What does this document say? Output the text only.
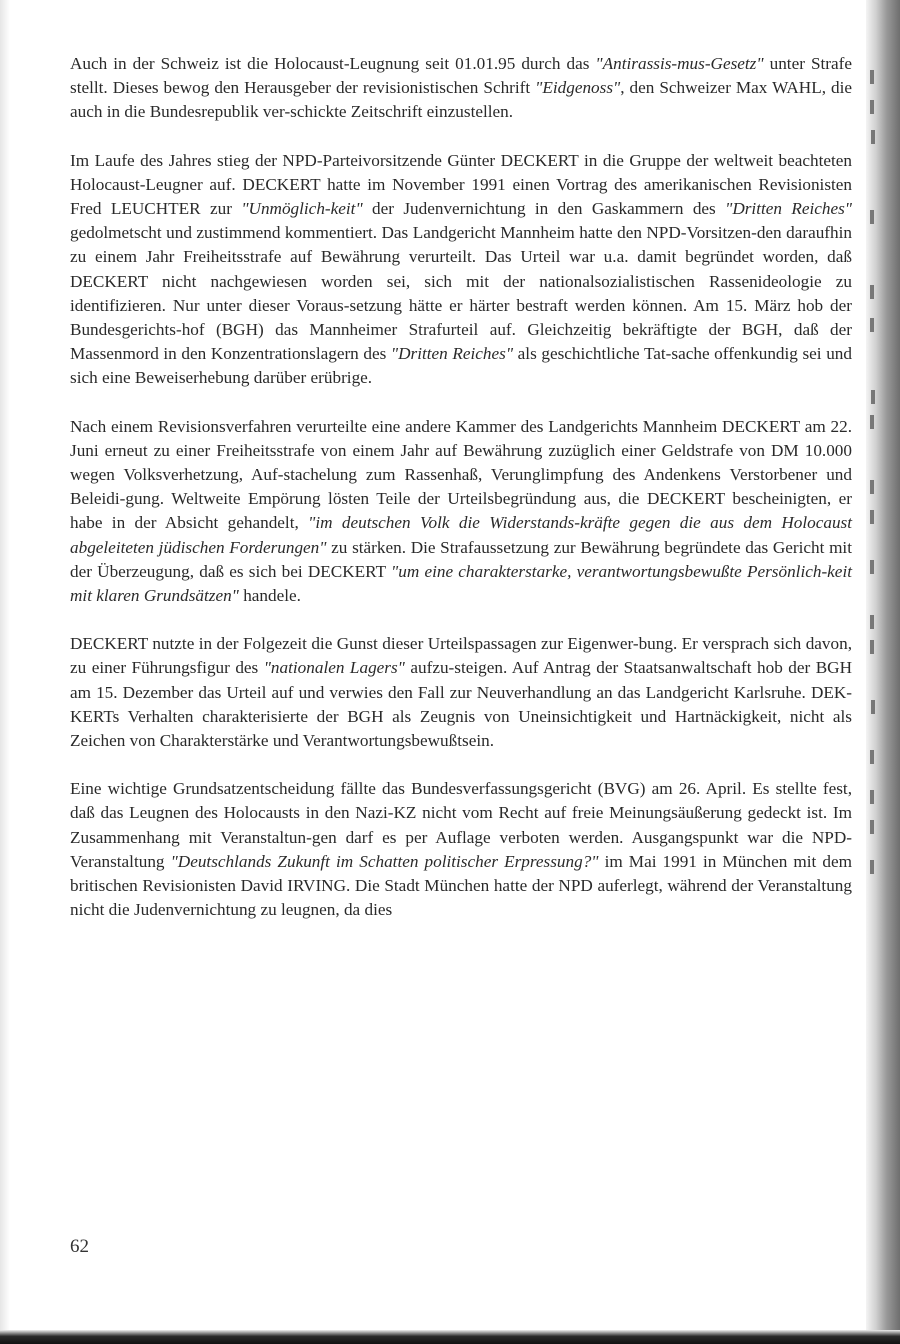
Auch in der Schweiz ist die Holocaust-Leugnung seit 01.01.95 durch das "Antirassis-mus-Gesetz" unter Strafe stellt. Dieses bewog den Herausgeber der revisionistischen Schrift "Eidgenoss", den Schweizer Max WAHL, die auch in die Bundesrepublik ver-schickte Zeitschrift einzustellen.

Im Laufe des Jahres stieg der NPD-Parteivorsitzende Günter DECKERT in die Gruppe der weltweit beachteten Holocaust-Leugner auf. DECKERT hatte im November 1991 einen Vortrag des amerikanischen Revisionisten Fred LEUCHTER zur "Unmöglich-keit" der Judenvernichtung in den Gaskammern des "Dritten Reiches" gedolmetscht und zustimmend kommentiert. Das Landgericht Mannheim hatte den NPD-Vorsitzen-den daraufhin zu einem Jahr Freiheitsstrafe auf Bewährung verurteilt. Das Urteil war u.a. damit begründet worden, daß DECKERT nicht nachgewiesen worden sei, sich mit der nationalsozialistischen Rassenideologie zu identifizieren. Nur unter dieser Voraus-setzung hätte er härter bestraft werden können. Am 15. März hob der Bundesgerichts-hof (BGH) das Mannheimer Strafurteil auf. Gleichzeitig bekräftigte der BGH, daß der Massenmord in den Konzentrationslagern des "Dritten Reiches" als geschichtliche Tat-sache offenkundig sei und sich eine Beweiserhebung darüber erübrige.

Nach einem Revisionsverfahren verurteilte eine andere Kammer des Landgerichts Mannheim DECKERT am 22. Juni erneut zu einer Freiheitsstrafe von einem Jahr auf Bewährung zuzüglich einer Geldstrafe von DM 10.000 wegen Volksverhetzung, Auf-stachelung zum Rassenhaß, Verunglimpfung des Andenkens Verstorbener und Beleidi-gung. Weltweite Empörung lösten Teile der Urteilsbegründung aus, die DECKERT bescheinigten, er habe in der Absicht gehandelt, "im deutschen Volk die Widerstands-kräfte gegen die aus dem Holocaust abgeleiteten jüdischen Forderungen" zu stärken. Die Strafaussetzung zur Bewährung begründete das Gericht mit der Überzeugung, daß es sich bei DECKERT "um eine charakterstarke, verantwortungsbewußte Persönlich-keit mit klaren Grundsätzen" handele.

DECKERT nutzte in der Folgezeit die Gunst dieser Urteilspassagen zur Eigenwer-bung. Er versprach sich davon, zu einer Führungsfigur des "nationalen Lagers" aufzu-steigen. Auf Antrag der Staatsanwaltschaft hob der BGH am 15. Dezember das Urteil auf und verwies den Fall zur Neuverhandlung an das Landgericht Karlsruhe. DEK-KERTs Verhalten charakterisierte der BGH als Zeugnis von Uneinsichtigkeit und Hartnäckigkeit, nicht als Zeichen von Charakterstärke und Verantwortungsbewußtsein.

Eine wichtige Grundsatzentscheidung fällte das Bundesverfassungsgericht (BVG) am 26. April. Es stellte fest, daß das Leugnen des Holocausts in den Nazi-KZ nicht vom Recht auf freie Meinungsäußerung gedeckt ist. Im Zusammenhang mit Veranstaltun-gen darf es per Auflage verboten werden. Ausgangspunkt war die NPD-Veranstaltung "Deutschlands Zukunft im Schatten politischer Erpressung?" im Mai 1991 in München mit dem britischen Revisionisten David IRVING. Die Stadt München hatte der NPD auferlegt, während der Veranstaltung nicht die Judenvernichtung zu leugnen, da dies

62
